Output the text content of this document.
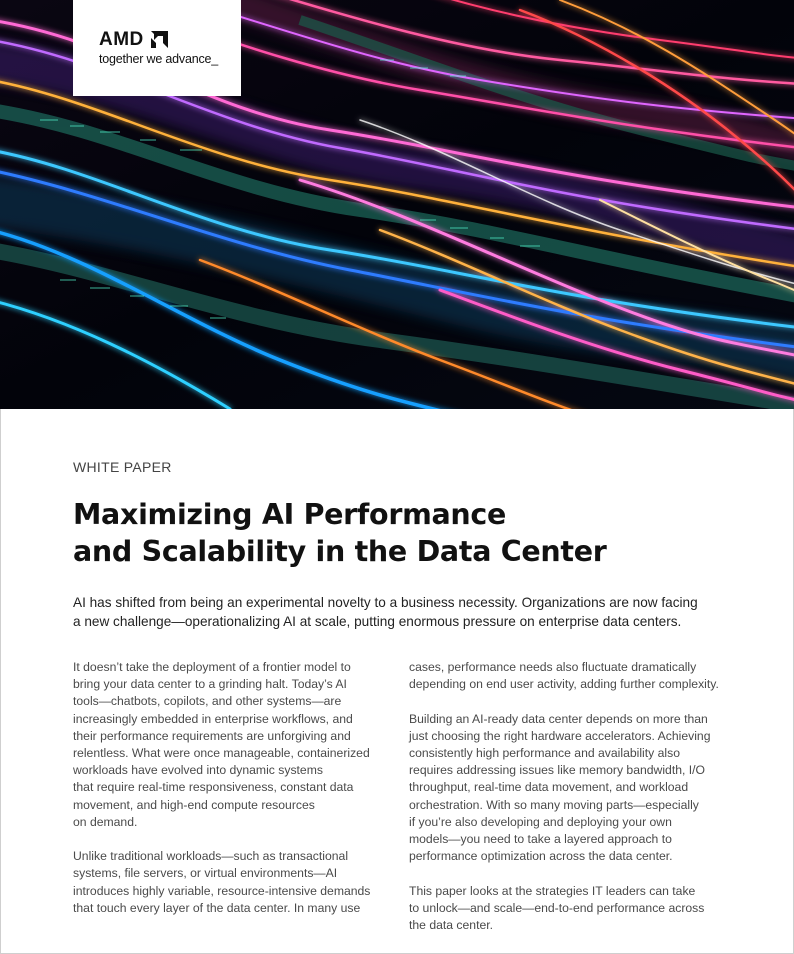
AMD
together we advance_
WHITE PAPER
Maximizing AI Performance
and Scalability in the Data Center
AI has shifted from being an experimental novelty to a business necessity. Organizations are now facing
a new challenge—operationalizing AI at scale, putting enormous pressure on enterprise data centers.
It doesn’t take the deployment of a frontier model to
bring your data center to a grinding halt. Today’s AI
tools—chatbots, copilots, and other systems—are
increasingly embedded in enterprise workflows, and
their performance requirements are unforgiving and
relentless. What were once manageable, containerized
workloads have evolved into dynamic systems
that require real-time responsiveness, constant data
movement, and high-end compute resources
on demand.
Unlike traditional workloads—such as transactional
systems, file servers, or virtual environments—AI
introduces highly variable, resource-intensive demands
that touch every layer of the data center. In many use
cases, performance needs also fluctuate dramatically
depending on end user activity, adding further complexity.
Building an AI-ready data center depends on more than
just choosing the right hardware accelerators. Achieving
consistently high performance and availability also
requires addressing issues like memory bandwidth, I/O
throughput, real-time data movement, and workload
orchestration. With so many moving parts—especially
if you’re also developing and deploying your own
models—you need to take a layered approach to
performance optimization across the data center.
This paper looks at the strategies IT leaders can take
to unlock—and scale—end-to-end performance across
the data center.
